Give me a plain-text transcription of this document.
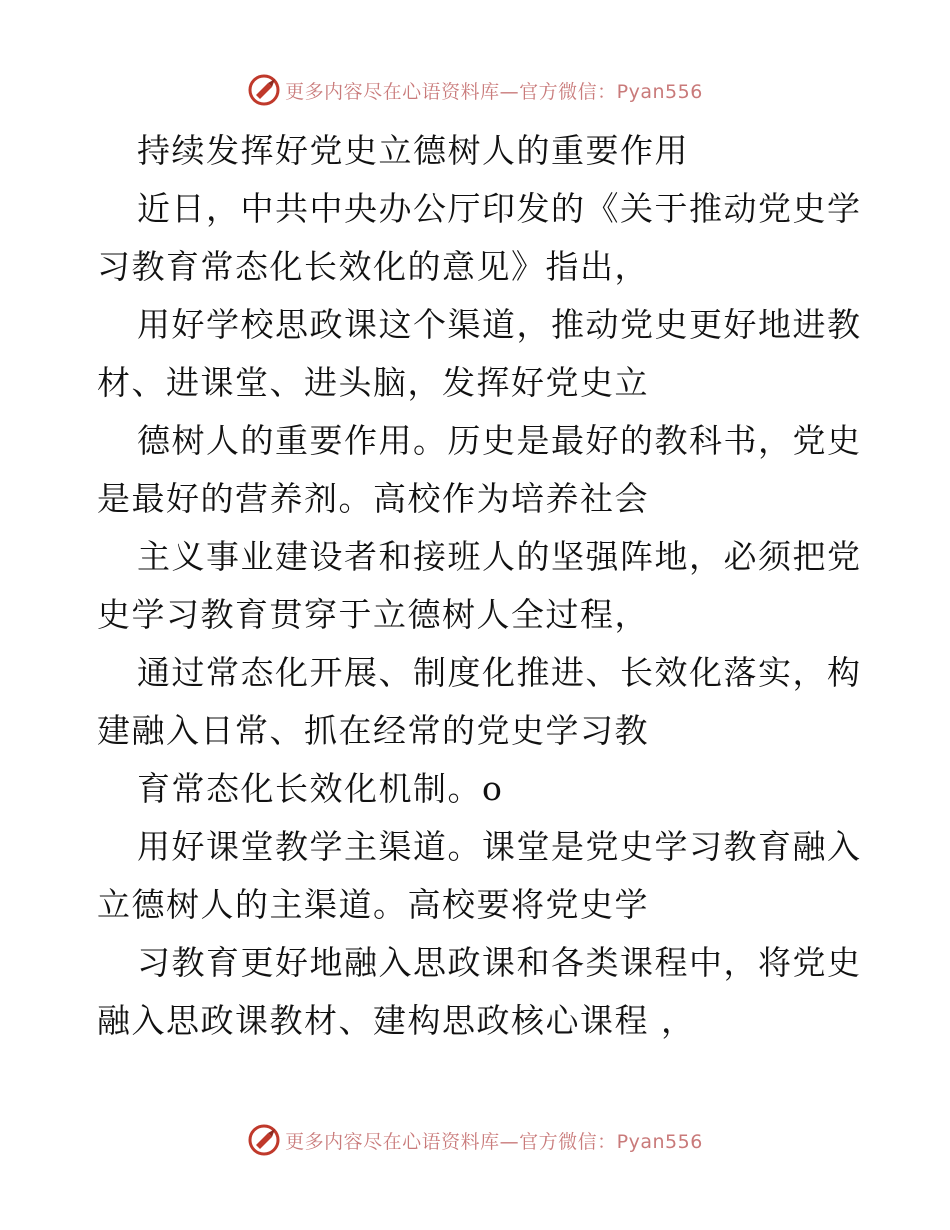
更多内容尽在心语资料库—官方微信：Pyan556
持续发挥好党史立德树人的重要作用
近日，中共中央办公厅印发的《关于推动党史学
习教育常态化长效化的意见》指出，
用好学校思政课这个渠道，推动党史更好地进教
材、进课堂、进头脑，发挥好党史立
德树人的重要作用。历史是最好的教科书，党史
是最好的营养剂。高校作为培养社会
主义事业建设者和接班人的坚强阵地，必须把党
史学习教育贯穿于立德树人全过程，
通过常态化开展、制度化推进、长效化落实，构
建融入日常、抓在经常的党史学习教
育常态化长效化机制。o
用好课堂教学主渠道。课堂是党史学习教育融入
立德树人的主渠道。高校要将党史学
习教育更好地融入思政课和各类课程中，将党史
融入思政课教材、建构思政核心课程 ，
更多内容尽在心语资料库—官方微信：Pyan556
